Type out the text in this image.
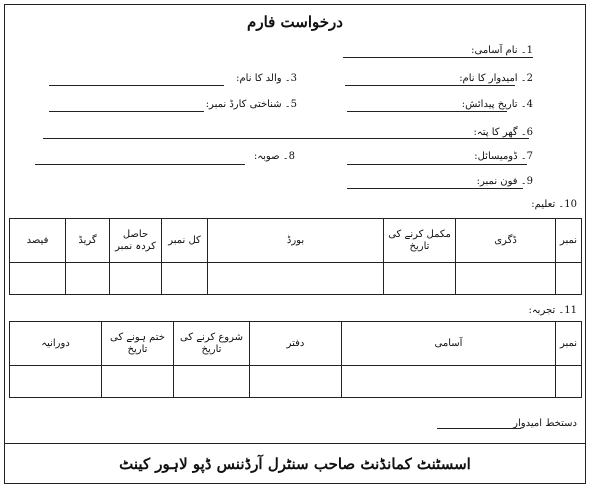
درخواست فارم
1۔ نام آسامی:
2۔ امیدوار کا نام:
3۔ والد کا نام:
4۔ تاریخ پیدائش:
5۔ شناختی کارڈ نمبر:
6۔ گھر کا پتہ:
7۔ ڈومیسائل:
8۔ صوبہ:
9۔ فون نمبر:
10۔ تعلیم:
نمبر	ڈگری	مکمل کرنے کی تاریخ	بورڈ	کل نمبر	حاصل کردہ نمبر	گریڈ	فیصد

11۔ تجربہ:
نمبر	آسامی	دفتر	شروع کرنے کی تاریخ	ختم ہونے کی تاریخ	دورانیہ

دستخط امیدوار
اسسٹنٹ کمانڈنٹ صاحب سنٹرل آرڈننس ڈپو لاہور کینٹ
